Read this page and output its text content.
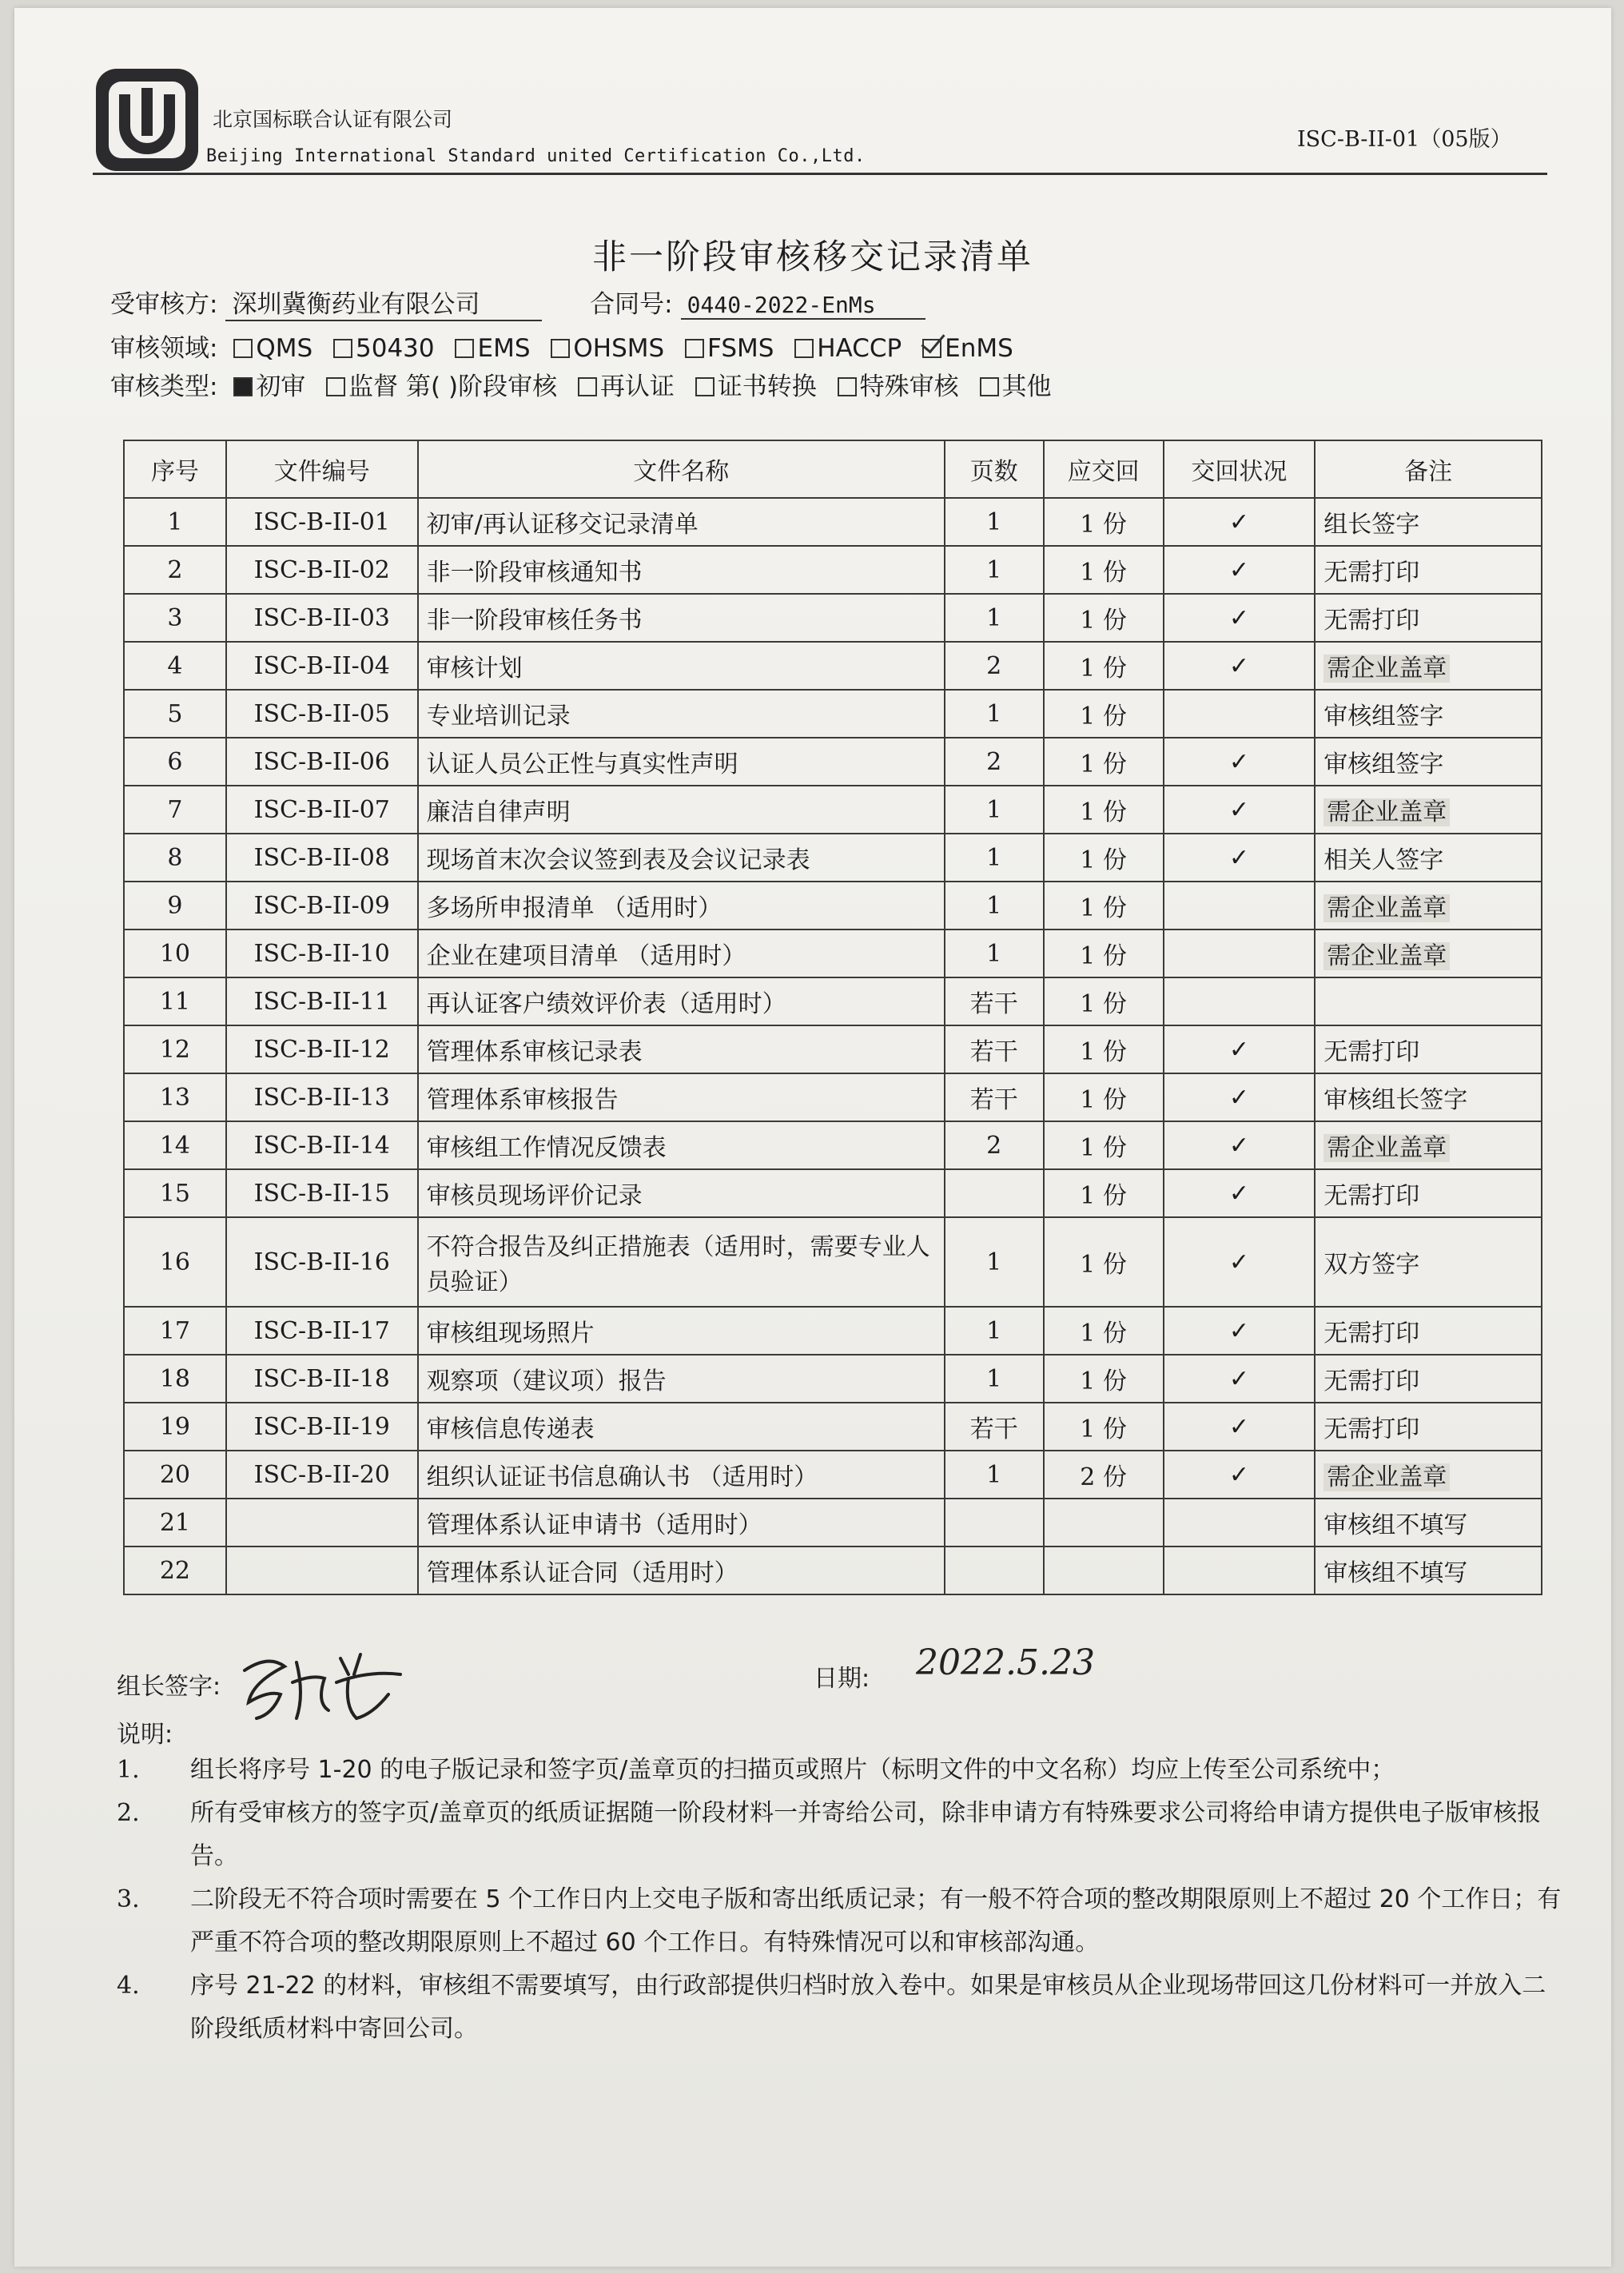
北京国标联合认证有限公司
Beijing International Standard united Certification Co.,Ltd.
ISC-B-II-01（05版）
非一阶段审核移交记录清单
受审核方: 深圳冀衡药业有限公司	合同号: 0440-2022-EnMs
审核领域: QMS 50430 EMS OHSMS FSMS HACCP EnMS
审核类型: 初审 监督 第( )阶段审核 再认证 证书转换 特殊审核 其他
序号	文件编号	文件名称	页数	应交回	交回状况	备注
1	ISC-B-II-01	初审/再认证移交记录清单	1	1 份	✓	组长签字
2	ISC-B-II-02	非一阶段审核通知书	1	1 份	✓	无需打印
3	ISC-B-II-03	非一阶段审核任务书	1	1 份	✓	无需打印
4	ISC-B-II-04	审核计划	2	1 份	✓	需企业盖章
5	ISC-B-II-05	专业培训记录	1	1 份		审核组签字
6	ISC-B-II-06	认证人员公正性与真实性声明	2	1 份	✓	审核组签字
7	ISC-B-II-07	廉洁自律声明	1	1 份	✓	需企业盖章
8	ISC-B-II-08	现场首末次会议签到表及会议记录表	1	1 份	✓	相关人签字
9	ISC-B-II-09	多场所申报清单 （适用时）	1	1 份		需企业盖章
10	ISC-B-II-10	企业在建项目清单 （适用时）	1	1 份		需企业盖章
11	ISC-B-II-11	再认证客户绩效评价表（适用时）	若干	1 份		
12	ISC-B-II-12	管理体系审核记录表	若干	1 份	✓	无需打印
13	ISC-B-II-13	管理体系审核报告	若干	1 份	✓	审核组长签字
14	ISC-B-II-14	审核组工作情况反馈表	2	1 份	✓	需企业盖章
15	ISC-B-II-15	审核员现场评价记录		1 份	✓	无需打印
16	ISC-B-II-16	不符合报告及纠正措施表（适用时，需要专业人员验证）	1	1 份	✓	双方签字
17	ISC-B-II-17	审核组现场照片	1	1 份	✓	无需打印
18	ISC-B-II-18	观察项（建议项）报告	1	1 份	✓	无需打印
19	ISC-B-II-19	审核信息传递表	若干	1 份	✓	无需打印
20	ISC-B-II-20	组织认证证书信息确认书 （适用时）	1	2 份	✓	需企业盖章
21		管理体系认证申请书（适用时）				审核组不填写
22		管理体系认证合同（适用时）				审核组不填写
组长签字:	日期: 2022.5.23
说明:
1.	组长将序号 1-20 的电子版记录和签字页/盖章页的扫描页或照片（标明文件的中文名称）均应上传至公司系统中；
2.	所有受审核方的签字页/盖章页的纸质证据随一阶段材料一并寄给公司，除非申请方有特殊要求公司将给申请方提供电子版审核报告。
3.	二阶段无不符合项时需要在 5 个工作日内上交电子版和寄出纸质记录；有一般不符合项的整改期限原则上不超过 20 个工作日；有严重不符合项的整改期限原则上不超过 60 个工作日。有特殊情况可以和审核部沟通。
4.	序号 21-22 的材料，审核组不需要填写，由行政部提供归档时放入卷中。如果是审核员从企业现场带回这几份材料可一并放入二阶段纸质材料中寄回公司。
